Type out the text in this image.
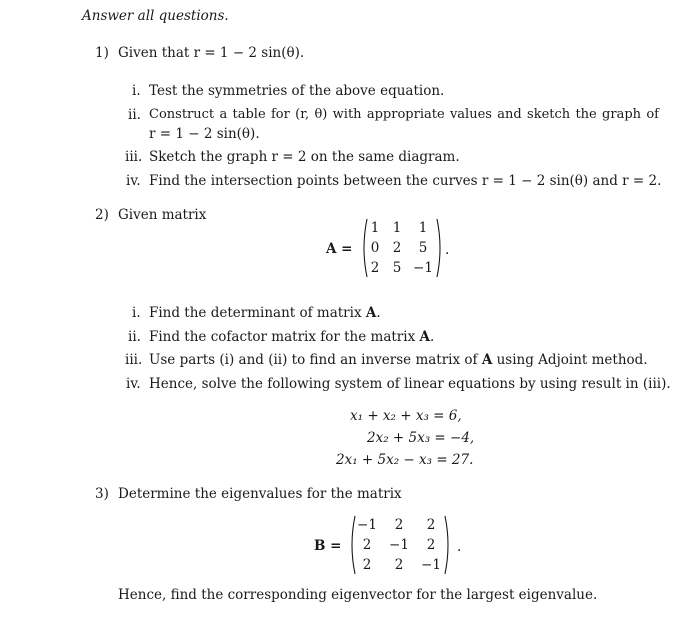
Answer all questions.
1) Given that r = 1 − 2 sin(θ).
i. Test the symmetries of the above equation.
ii. Construct a table for (r, θ) with appropriate values and sketch the graph of
r = 1 − 2 sin(θ).
iii. Sketch the graph r = 2 on the same diagram.
iv. Find the intersection points between the curves r = 1 − 2 sin(θ) and r = 2.
2) Given matrix
A =
1 1	1
0 2	5
2 5 −1
.
i. Find the determinant of matrix A.
ii. Find the cofactor matrix for the matrix A.
iii. Use parts (i) and (ii) to find an inverse matrix of A using Adjoint method.
iv. Hence, solve the following system of linear equations by using result in (iii).
x₁ + x₂ + x₃ = 6,
2x₂ + 5x₃ = −4,
2x₁ + 5x₂ − x₃ = 27.
3) Determine the eigenvalues for the matrix
B =
−1	2	2
2	−1	2
2	2	−1
.
Hence, find the corresponding eigenvector for the largest eigenvalue.
